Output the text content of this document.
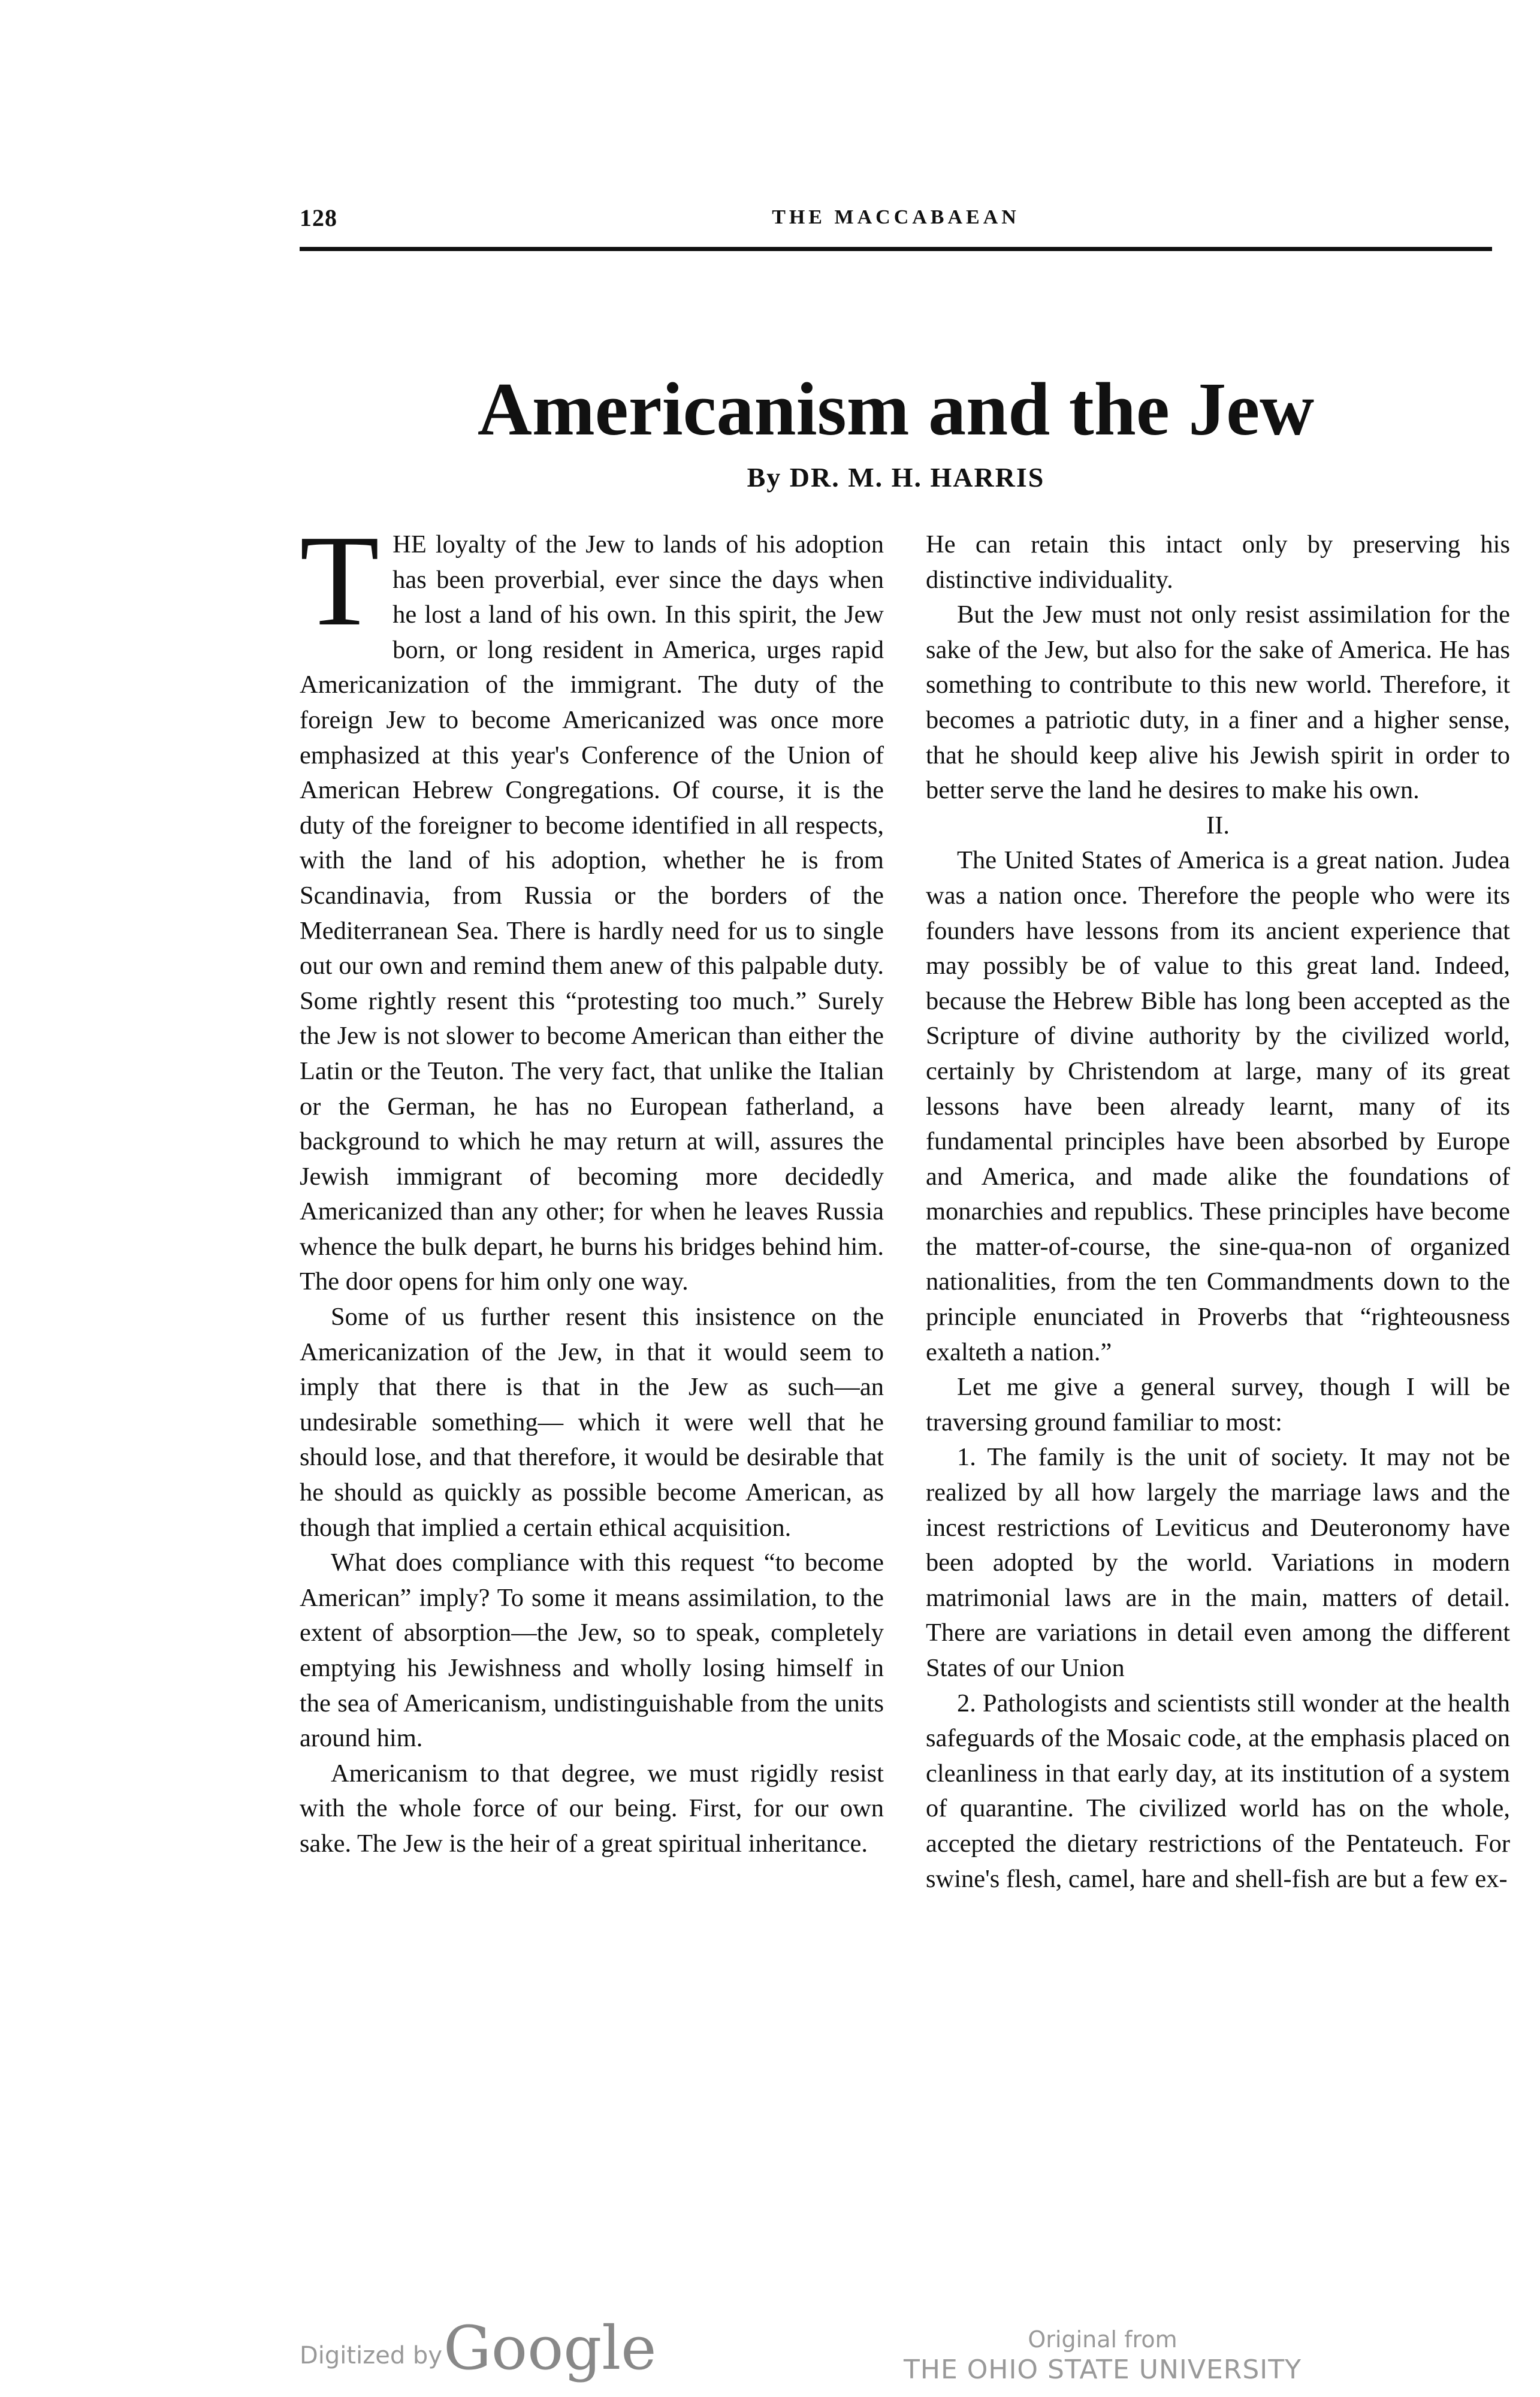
128	THE MACCABAEAN
Americanism and the Jew
By DR. M. H. HARRIS

THE loyalty of the Jew to lands of his adoption has been proverbial, ever since the days when he lost a land of his own. In this spirit, the Jew born, or long resident in America, urges rapid Americanization of the immigrant. The duty of the foreign Jew to become Americanized was once more emphasized at this year's Conference of the Union of American Hebrew Congregations. Of course, it is the duty of the foreigner to become identified in all respects, with the land of his adoption, whether he is from Scandinavia, from Russia or the borders of the Mediterranean Sea. There is hardly need for us to single out our own and remind them anew of this palpable duty. Some rightly resent this “protesting too much.” Surely the Jew is not slower to become American than either the Latin or the Teuton. The very fact, that unlike the Italian or the German, he has no European fatherland, a background to which he may return at will, assures the Jewish immigrant of becoming more decidedly Americanized than any other; for when he leaves Russia whence the bulk depart, he burns his bridges behind him. The door opens for him only one way.

Some of us further resent this insistence on the Americanization of the Jew, in that it would seem to imply that there is that in the Jew as such—an undesirable something— which it were well that he should lose, and that therefore, it would be desirable that he should as quickly as possible become American, as though that implied a certain ethical acquisition.

What does compliance with this request “to become American” imply? To some it means assimilation, to the extent of absorption—the Jew, so to speak, completely emptying his Jewishness and wholly losing himself in the sea of Americanism, undistinguishable from the units around him.

Americanism to that degree, we must rigidly resist with the whole force of our being. First, for our own sake. The Jew is the heir of a great spiritual inheritance.

He can retain this intact only by preserving his distinctive individuality.

But the Jew must not only resist assimilation for the sake of the Jew, but also for the sake of America. He has something to contribute to this new world. Therefore, it becomes a patriotic duty, in a finer and a higher sense, that he should keep alive his Jewish spirit in order to better serve the land he desires to make his own.

II.

The United States of America is a great nation. Judea was a nation once. Therefore the people who were its founders have lessons from its ancient experience that may possibly be of value to this great land. Indeed, because the Hebrew Bible has long been accepted as the Scripture of divine authority by the civilized world, certainly by Christendom at large, many of its great lessons have been already learnt, many of its fundamental principles have been absorbed by Europe and America, and made alike the foundations of monarchies and republics. These principles have become the matter-of-course, the sine-qua-non of organized nationalities, from the ten Commandments down to the principle enunciated in Proverbs that “righteousness exalteth a nation.”

Let me give a general survey, though I will be traversing ground familiar to most:

1. The family is the unit of society. It may not be realized by all how largely the marriage laws and the incest restrictions of Leviticus and Deuteronomy have been adopted by the world. Variations in modern matrimonial laws are in the main, matters of detail. There are variations in detail even among the different States of our Union

2. Pathologists and scientists still wonder at the health safeguards of the Mosaic code, at the emphasis placed on cleanliness in that early day, at its institution of a system of quarantine. The civilized world has on the whole, accepted the dietary restrictions of the Pentateuch. For swine's flesh, camel, hare and shell-fish are but a few ex-

Digitized by Google	Original from
THE OHIO STATE UNIVERSITY
